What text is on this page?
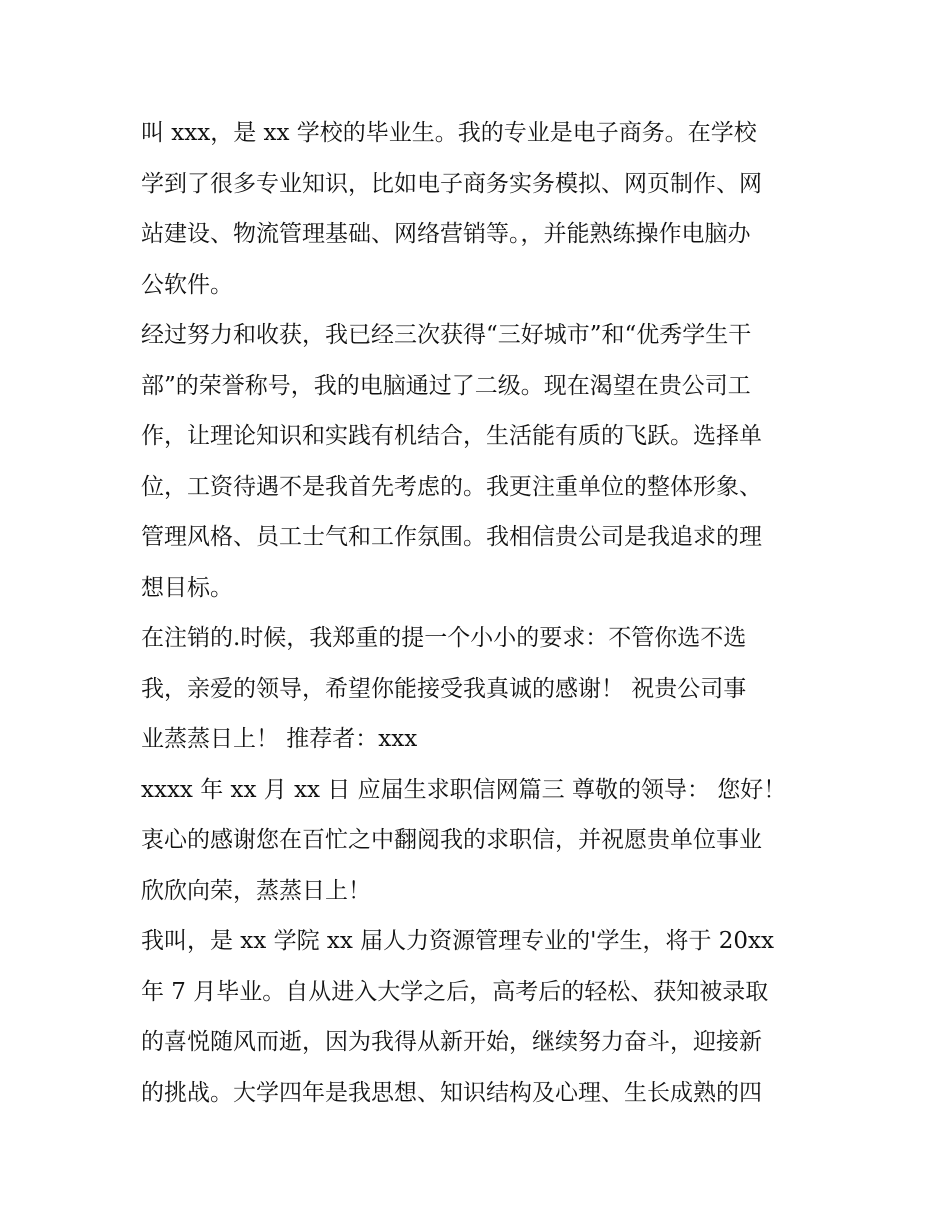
叫 xxx，是 xx 学校的毕业生。我的专业是电子商务。在学校
学到了很多专业知识，比如电子商务实务模拟、网页制作、网
站建设、物流管理基础、网络营销等。，并能熟练操作电脑办
公软件。
经过努力和收获，我已经三次获得“三好城市”和“优秀学生干
部”的荣誉称号，我的电脑通过了二级。现在渴望在贵公司工
作，让理论知识和实践有机结合，生活能有质的飞跃。选择单
位，工资待遇不是我首先考虑的。我更注重单位的整体形象、
管理风格、员工士气和工作氛围。我相信贵公司是我追求的理
想目标。
在注销的.时候，我郑重的提一个小小的要求：不管你选不选
我，亲爱的领导，希望你能接受我真诚的感谢！ 祝贵公司事
业蒸蒸日上！ 推荐者：xxx
xxxx 年 xx 月 xx 日 应届生求职信网篇三 尊敬的领导： 您好！
衷心的感谢您在百忙之中翻阅我的求职信，并祝愿贵单位事业
欣欣向荣，蒸蒸日上！
我叫，是 xx 学院 xx 届人力资源管理专业的'学生，将于 20xx
年 7 月毕业。自从进入大学之后，高考后的轻松、获知被录取
的喜悦随风而逝，因为我得从新开始，继续努力奋斗，迎接新
的挑战。大学四年是我思想、知识结构及心理、生长成熟的四
